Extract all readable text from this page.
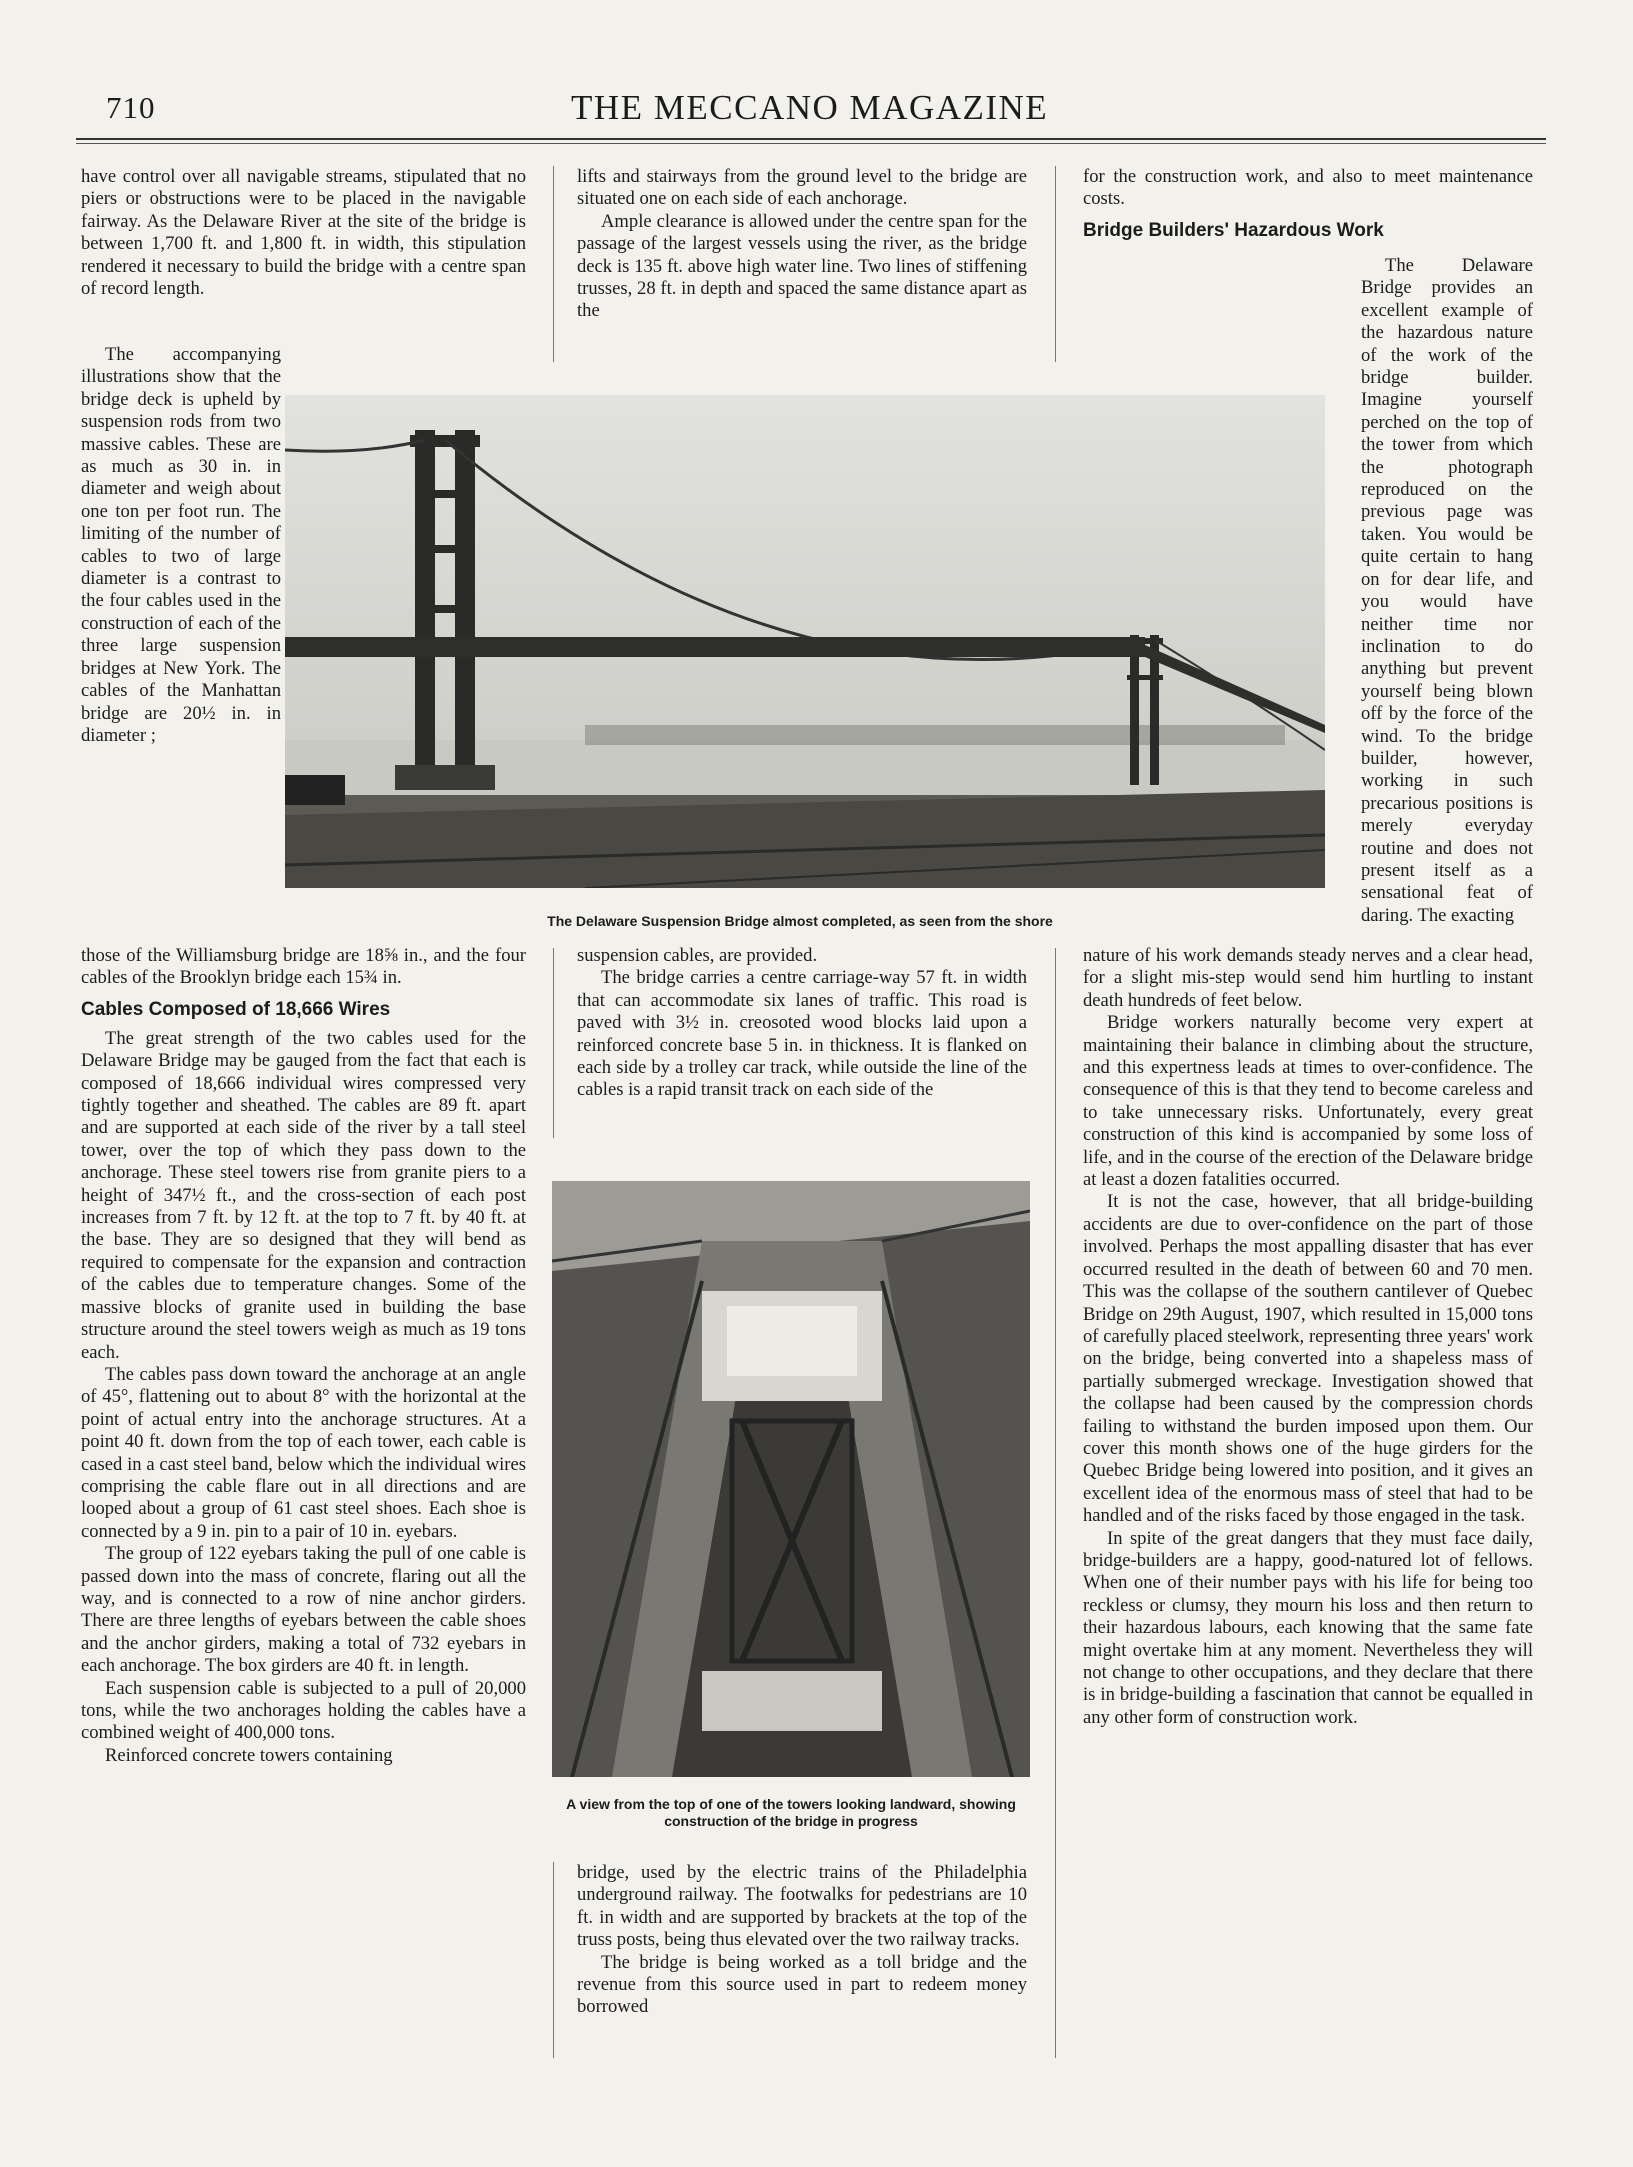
710	THE MECCANO MAGAZINE

have control over all navigable streams, stipulated that no piers or obstructions were to be placed in the navigable fairway. As the Delaware River at the site of the bridge is between 1,700 ft. and 1,800 ft. in width, this stipulation rendered it necessary to build the bridge with a centre span of record length.

The accompanying illustrations show that the bridge deck is upheld by suspension rods from two massive cables. These are as much as 30 in. in diameter and weigh about one ton per foot run. The limiting of the number of cables to two of large diameter is a contrast to the four cables used in the construction of each of the three large suspension bridges at New York. The cables of the Manhattan bridge are 20½ in. in diameter ;

The Delaware Suspension Bridge almost completed, as seen from the shore

those of the Williamsburg bridge are 18⅝ in., and the four cables of the Brooklyn bridge each 15¾ in.

Cables Composed of 18,666 Wires

The great strength of the two cables used for the Delaware Bridge may be gauged from the fact that each is composed of 18,666 individual wires compressed very tightly together and sheathed. The cables are 89 ft. apart and are supported at each side of the river by a tall steel tower, over the top of which they pass down to the anchorage. These steel towers rise from granite piers to a height of 347½ ft., and the cross-section of each post increases from 7 ft. by 12 ft. at the top to 7 ft. by 40 ft. at the base. They are so designed that they will bend as required to compensate for the expansion and contraction of the cables due to temperature changes. Some of the massive blocks of granite used in building the base structure around the steel towers weigh as much as 19 tons each.

The cables pass down toward the anchorage at an angle of 45°, flattening out to about 8° with the horizontal at the point of actual entry into the anchorage structures. At a point 40 ft. down from the top of each tower, each cable is cased in a cast steel band, below which the individual wires comprising the cable flare out in all directions and are looped about a group of 61 cast steel shoes. Each shoe is connected by a 9 in. pin to a pair of 10 in. eyebars.

The group of 122 eyebars taking the pull of one cable is passed down into the mass of concrete, flaring out all the way, and is connected to a row of nine anchor girders. There are three lengths of eyebars between the cable shoes and the anchor girders, making a total of 732 eyebars in each anchorage. The box girders are 40 ft. in length.

Each suspension cable is subjected to a pull of 20,000 tons, while the two anchorages holding the cables have a combined weight of 400,000 tons.

Reinforced concrete towers containing

lifts and stairways from the ground level to the bridge are situated one on each side of each anchorage.

Ample clearance is allowed under the centre span for the passage of the largest vessels using the river, as the bridge deck is 135 ft. above high water line. Two lines of stiffening trusses, 28 ft. in depth and spaced the same distance apart as the

suspension cables, are provided.

The bridge carries a centre carriage-way 57 ft. in width that can accommodate six lanes of traffic. This road is paved with 3½ in. creosoted wood blocks laid upon a reinforced concrete base 5 in. in thickness. It is flanked on each side by a trolley car track, while outside the line of the cables is a rapid transit track on each side of the

A view from the top of one of the towers looking landward, showing construction of the bridge in progress

bridge, used by the electric trains of the Philadelphia underground railway. The footwalks for pedestrians are 10 ft. in width and are supported by brackets at the top of the truss posts, being thus elevated over the two railway tracks.

The bridge is being worked as a toll bridge and the revenue from this source used in part to redeem money borrowed

for the construction work, and also to meet maintenance costs.

Bridge Builders' Hazardous Work

The Delaware Bridge provides an excellent example of the hazardous nature of the work of the bridge builder. Imagine yourself perched on the top of the tower from which the photograph reproduced on the previous page was taken. You would be quite certain to hang on for dear life, and you would have neither time nor inclination to do anything but prevent yourself being blown off by the force of the wind. To the bridge builder, however, working in such precarious positions is merely everyday routine and does not present itself as a sensational feat of daring. The exacting

nature of his work demands steady nerves and a clear head, for a slight mis-step would send him hurtling to instant death hundreds of feet below.

Bridge workers naturally become very expert at maintaining their balance in climbing about the structure, and this expertness leads at times to over-confidence. The consequence of this is that they tend to become careless and to take unnecessary risks. Unfortunately, every great construction of this kind is accompanied by some loss of life, and in the course of the erection of the Delaware bridge at least a dozen fatalities occurred.

It is not the case, however, that all bridge-building accidents are due to over-confidence on the part of those involved. Perhaps the most appalling disaster that has ever occurred resulted in the death of between 60 and 70 men. This was the collapse of the southern cantilever of Quebec Bridge on 29th August, 1907, which resulted in 15,000 tons of carefully placed steelwork, representing three years' work on the bridge, being converted into a shapeless mass of partially submerged wreckage. Investigation showed that the collapse had been caused by the compression chords failing to withstand the burden imposed upon them. Our cover this month shows one of the huge girders for the Quebec Bridge being lowered into position, and it gives an excellent idea of the enormous mass of steel that had to be handled and of the risks faced by those engaged in the task.

In spite of the great dangers that they must face daily, bridge-builders are a happy, good-natured lot of fellows. When one of their number pays with his life for being too reckless or clumsy, they mourn his loss and then return to their hazardous labours, each knowing that the same fate might overtake him at any moment. Nevertheless they will not change to other occupations, and they declare that there is in bridge-building a fascination that cannot be equalled in any other form of construction work.
